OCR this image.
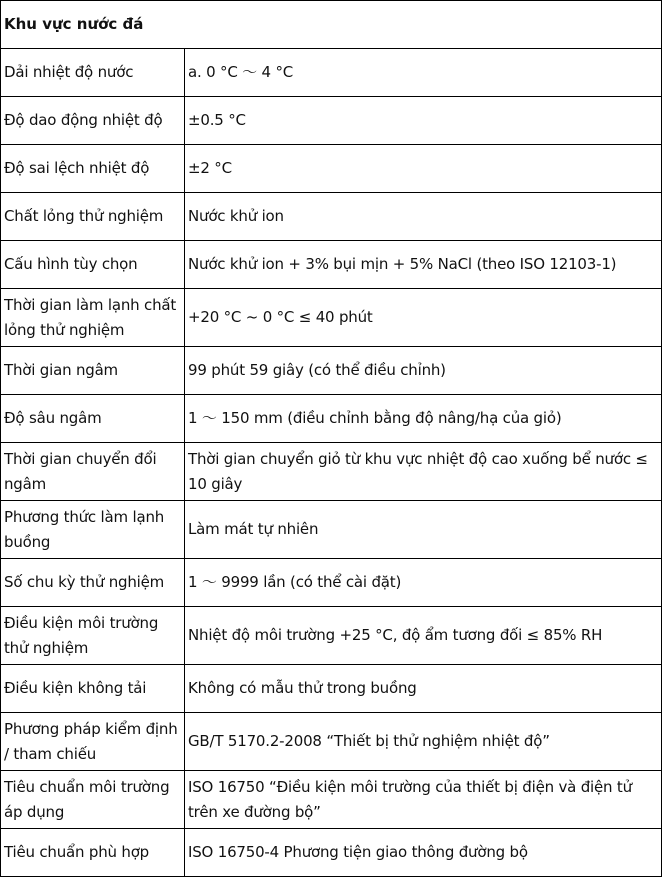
Khu vực nước đá	
Dải nhiệt độ nước	a. 0 °C ～ 4 °C
Độ dao động nhiệt độ	±0.5 °C
Độ sai lệch nhiệt độ	±2 °C
Chất lỏng thử nghiệm	Nước khử ion
Cấu hình tùy chọn	Nước khử ion + 3% bụi mịn + 5% NaCl (theo ISO 12103-1)
Thời gian làm lạnh chất lỏng thử nghiệm	+20 °C ~ 0 °C ≤ 40 phút
Thời gian ngâm	99 phút 59 giây (có thể điều chỉnh)
Độ sâu ngâm	1 ～ 150 mm (điều chỉnh bằng độ nâng/hạ của giỏ)
Thời gian chuyển đổi ngâm	Thời gian chuyển giỏ từ khu vực nhiệt độ cao xuống bể nước ≤ 10 giây
Phương thức làm lạnh buồng	Làm mát tự nhiên
Số chu kỳ thử nghiệm	1 ～ 9999 lần (có thể cài đặt)
Điều kiện môi trường thử nghiệm	Nhiệt độ môi trường +25 °C, độ ẩm tương đối ≤ 85% RH
Điều kiện không tải	Không có mẫu thử trong buồng
Phương pháp kiểm định / tham chiếu	GB/T 5170.2-2008 “Thiết bị thử nghiệm nhiệt độ”
Tiêu chuẩn môi trường áp dụng	ISO 16750 “Điều kiện môi trường của thiết bị điện và điện tử trên xe đường bộ”
Tiêu chuẩn phù hợp	ISO 16750-4 Phương tiện giao thông đường bộ
